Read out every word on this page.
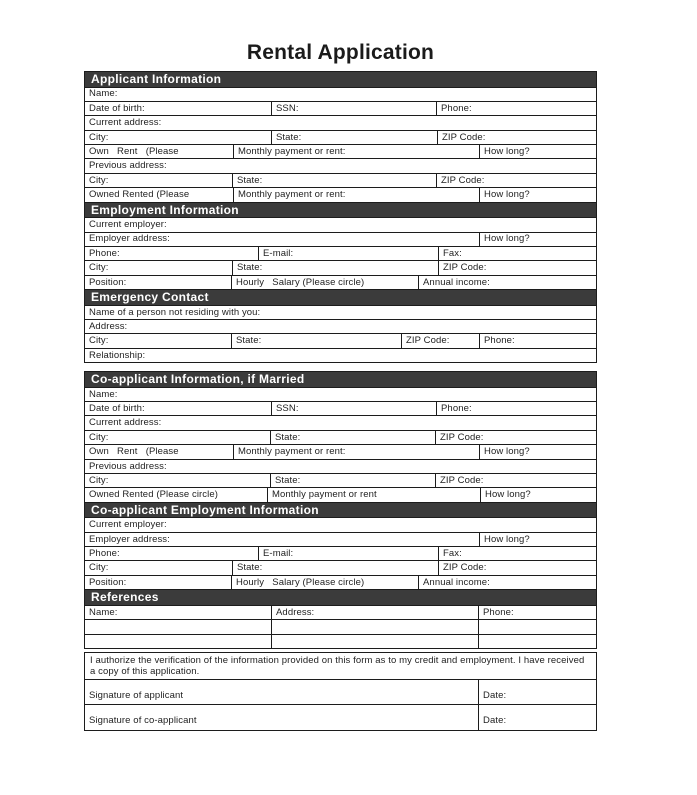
Rental Application
Applicant Information
Name:
Date of birth:	SSN:	Phone:
Current address:
City:	State:	ZIP Code:
Own   Rent   (Please	Monthly payment or rent:	How long?
Previous address:
City:	State:	ZIP Code:
Owned Rented (Please	Monthly payment or rent:	How long?
Employment Information
Current employer:
Employer address:	How long?
Phone:	E-mail:	Fax:
City:	State:	ZIP Code:
Position:	Hourly   Salary (Please circle)	Annual income:
Emergency Contact
Name of a person not residing with you:
Address:
City:	State:	ZIP Code:	Phone:
Relationship:
Co-applicant Information, if Married
Name:
Date of birth:	SSN:	Phone:
Current address:
City:	State:	ZIP Code:
Own   Rent   (Please	Monthly payment or rent:	How long?
Previous address:
City:	State:	ZIP Code:
Owned Rented (Please circle)	Monthly payment or rent	How long?
Co-applicant Employment Information
Current employer:
Employer address:	How long?
Phone:	E-mail:	Fax:
City:	State:	ZIP Code:
Position:	Hourly   Salary (Please circle)	Annual income:
References
Name:	Address:	Phone:
I authorize the verification of the information provided on this form as to my credit and employment. I have received a copy of this application.
Signature of applicant	Date:
Signature of co-applicant	Date:
